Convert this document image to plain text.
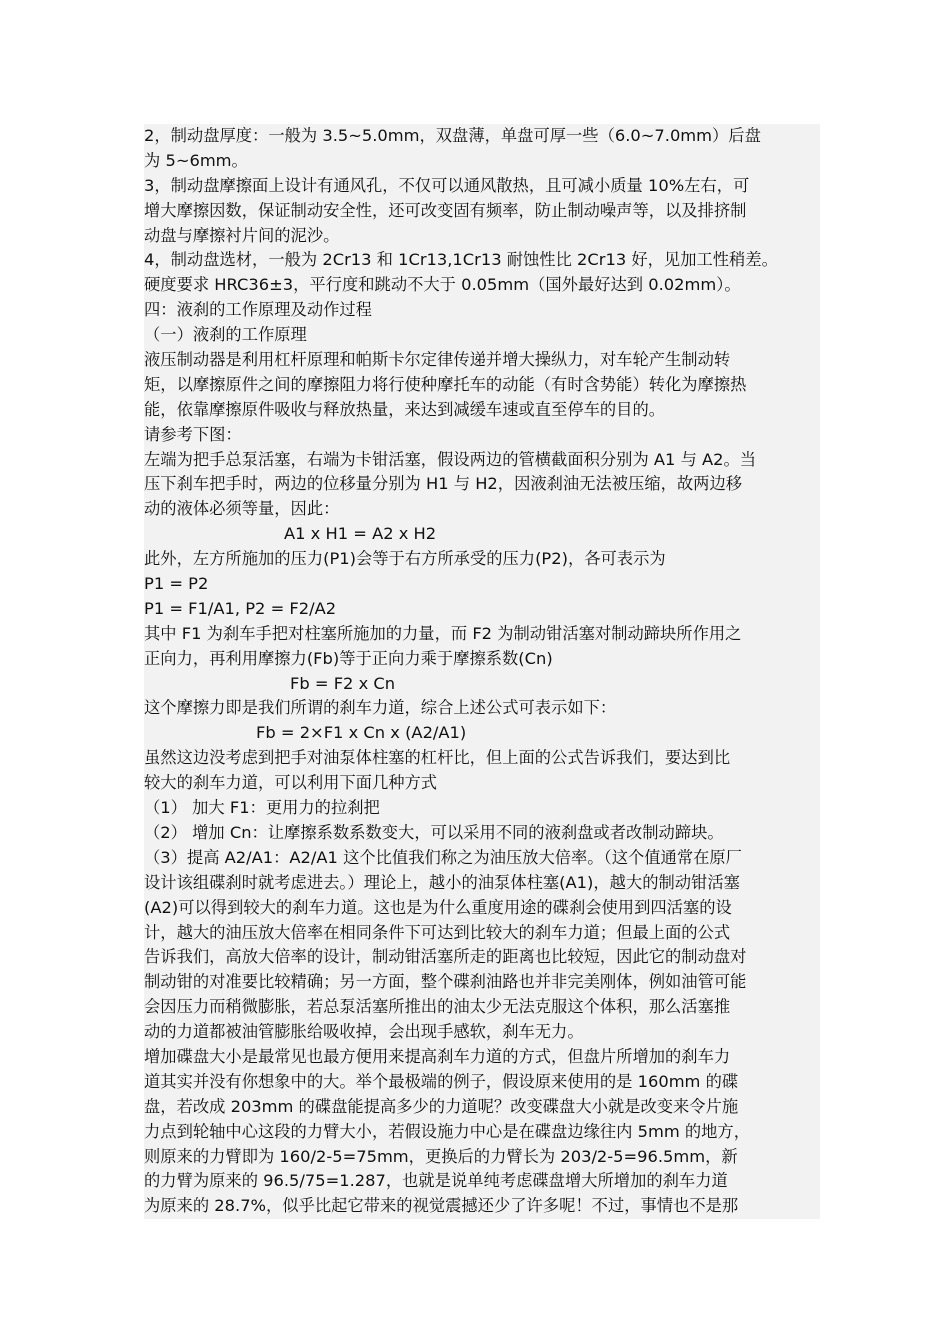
2，制动盘厚度：一般为 3.5~5.0mm，双盘薄，单盘可厚一些（6.0~7.0mm）后盘
为 5~6mm。
3，制动盘摩擦面上设计有通风孔，不仅可以通风散热，且可减小质量 10%左右，可
增大摩擦因数，保证制动安全性，还可改变固有频率，防止制动噪声等，以及排挤制
动盘与摩擦衬片间的泥沙。
4，制动盘选材，一般为 2Cr13 和 1Cr13,1Cr13 耐蚀性比 2Cr13 好，见加工性稍差。
硬度要求 HRC36±3，平行度和跳动不大于 0.05mm（国外最好达到 0.02mm）。
四：液刹的工作原理及动作过程
（一）液刹的工作原理
液压制动器是利用杠杆原理和帕斯卡尔定律传递并增大操纵力，对车轮产生制动转
矩，以摩擦原件之间的摩擦阻力将行使种摩托车的动能（有时含势能）转化为摩擦热
能，依靠摩擦原件吸收与释放热量，来达到减缓车速或直至停车的目的。
请参考下图：
左端为把手总泵活塞，右端为卡钳活塞，假设两边的管横截面积分别为 A1 与 A2。当
压下刹车把手时，两边的位移量分别为 H1 与 H2，因液刹油无法被压缩，故两边移
动的液体必须等量，因此：
A1 x H1 = A2 x H2
此外，左方所施加的压力(P1)会等于右方所承受的压力(P2)，各可表示为
P1 = P2
P1 = F1/A1, P2 = F2/A2
其中 F1 为刹车手把对柱塞所施加的力量，而 F2 为制动钳活塞对制动蹄块所作用之
正向力，再利用摩擦力(Fb)等于正向力乘于摩擦系数(Cn)
Fb = F2 x Cn
这个摩擦力即是我们所谓的刹车力道，综合上述公式可表示如下：
Fb = 2×F1 x Cn x (A2/A1)
虽然这边没考虑到把手对油泵体柱塞的杠杆比，但上面的公式告诉我们，要达到比
较大的刹车力道，可以利用下面几种方式
（1） 加大 F1：更用力的拉刹把
（2） 增加 Cn：让摩擦系数系数变大，可以采用不同的液刹盘或者改制动蹄块。
（3）提高 A2/A1：A2/A1 这个比值我们称之为油压放大倍率。（这个值通常在原厂
设计该组碟刹时就考虑进去。）理论上，越小的油泵体柱塞(A1)，越大的制动钳活塞
(A2)可以得到较大的刹车力道。这也是为什么重度用途的碟刹会使用到四活塞的设
计，越大的油压放大倍率在相同条件下可达到比较大的刹车力道；但最上面的公式
告诉我们，高放大倍率的设计，制动钳活塞所走的距离也比较短，因此它的制动盘对
制动钳的对准要比较精确；另一方面，整个碟刹油路也并非完美刚体，例如油管可能
会因压力而稍微膨胀，若总泵活塞所推出的油太少无法克服这个体积，那么活塞推
动的力道都被油管膨胀给吸收掉，会出现手感软，刹车无力。
增加碟盘大小是最常见也最方便用来提高刹车力道的方式，但盘片所增加的刹车力
道其实并没有你想象中的大。举个最极端的例子，假设原来使用的是 160mm 的碟
盘，若改成 203mm 的碟盘能提高多少的力道呢？改变碟盘大小就是改变来令片施
力点到轮轴中心这段的力臂大小，若假设施力中心是在碟盘边缘往内 5mm 的地方，
则原来的力臂即为 160/2-5=75mm，更换后的力臂长为 203/2-5=96.5mm，新
的力臂为原来的 96.5/75=1.287，也就是说单纯考虑碟盘增大所增加的刹车力道
为原来的 28.7%，似乎比起它带来的视觉震撼还少了许多呢！不过，事情也不是那
